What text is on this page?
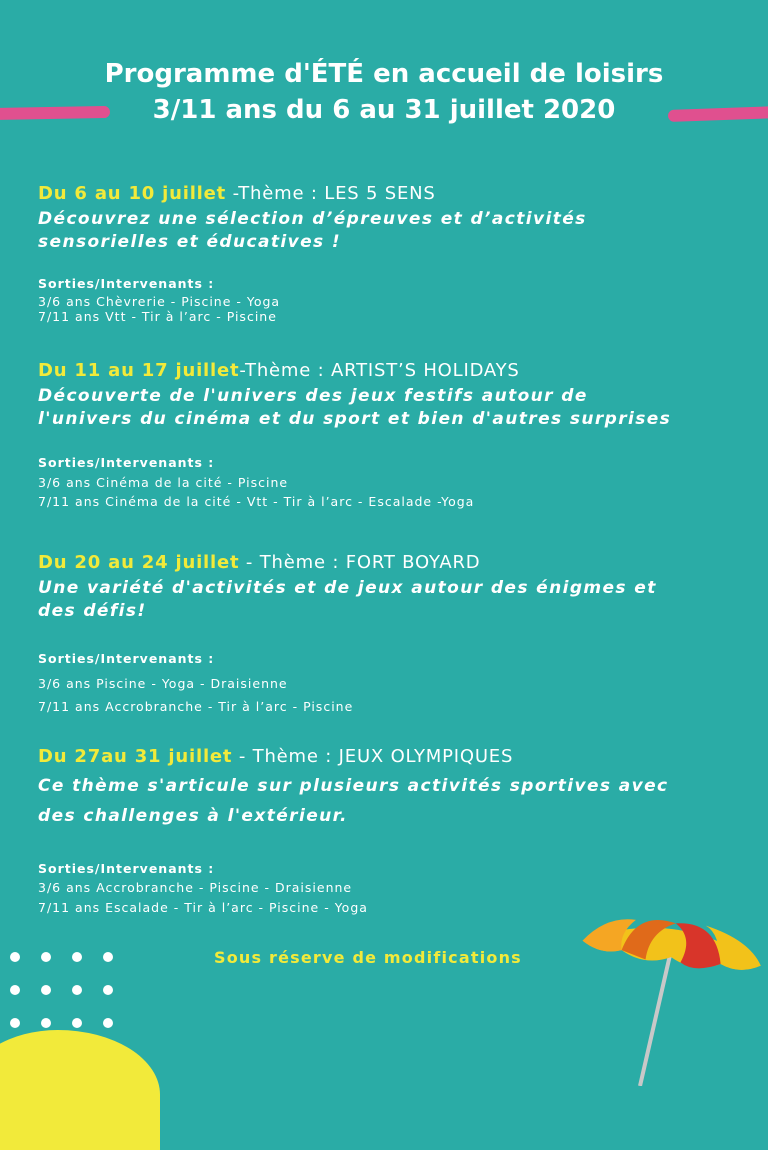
Programme d'ÉTÉ en accueil de loisirs
3/11 ans du 6 au 31 juillet 2020
Du 6 au 10 juillet -Thème : LES 5 SENS
Découvrez une sélection d’épreuves et d’activités
sensorielles et éducatives !
Sorties/Intervenants :
3/6 ans Chèvrerie - Piscine - Yoga
7/11 ans Vtt - Tir à l’arc - Piscine
Du 11 au 17 juillet-Thème : ARTIST’S HOLIDAYS
Découverte de l'univers des jeux festifs autour de
l'univers du cinéma et du sport et bien d'autres surprises
Sorties/Intervenants :
3/6 ans Cinéma de la cité - Piscine
7/11 ans Cinéma de la cité - Vtt - Tir à l’arc - Escalade -Yoga
Du 20 au 24 juillet - Thème : FORT BOYARD
Une variété d'activités et de jeux autour des énigmes et
des défis!
Sorties/Intervenants :
3/6 ans Piscine - Yoga - Draisienne
7/11 ans Accrobranche - Tir à l’arc - Piscine
Du 27au 31 juillet - Thème : JEUX OLYMPIQUES
Ce thème s'articule sur plusieurs activités sportives avec
des challenges à l'extérieur.
Sorties/Intervenants :
3/6 ans Accrobranche - Piscine - Draisienne
7/11 ans Escalade - Tir à l’arc - Piscine - Yoga
Sous réserve de modifications
